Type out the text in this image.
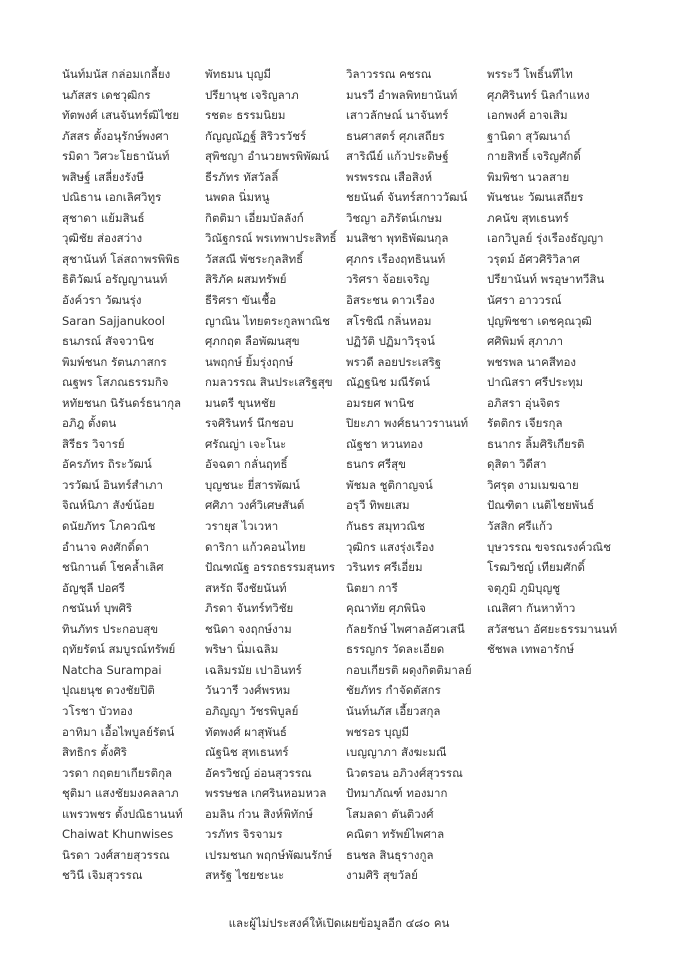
นันท์มนัส กล่อมเกลี้ยง
นภัสสร เดชวุฒิกร
ทัตพงศ์ เสนจันทร์ฒิไชย
ภัสสร ตั้งอนุรักษ์พงศา
รมิดา วิศวะโยธานันท์
พสิษฐ์ เสลี่ยงรังษี
ปณิธาน เอกเลิศวิทูร
สุชาดา แย้มสินธ์
วุฒิชัย ส่องสว่าง
สุชานันท์ โล่สถาพรพิพิธ
ธิติวัฒน์ อรัญญานนท์
อังค์วรา วัฒนรุ่ง
Saran Sajjanukool
ธนภรณ์ สัจจวานิช
พิมพ์ชนก รัตนภาสกร
ณฐพร โสภณธรรมกิจ
หทัยชนก นิรันดร์ธนากุล
อภิฎ ตั้งตน
สิรีธร วิจารย์
อัครภัทร ถิระวัฒน์
วรวัฒน์ อินทร์สำเภา
จิณห์นิภา สังข์น้อย
ดนัยภัทร โภควณิช
อำนาจ คงศักดิ์ดา
ชนิกานต์ โชคล้ำเลิศ
อัญชุลี ปอศรี
กชนันท์ บุพศิริ
ทินภัทร ประกอบสุข
ฤทัยรัตน์ สมบูรณ์ทรัพย์
Natcha Surampai
ปุณยนุช ดวงชัยปิติ
วโรชา บัวทอง
อาทิมา เอื้อไพบูลย์รัตน์
สิทธิกร ตั้งศิริ
วรดา กฤตยาเกียรติกุล
ชุติมา แสงชัยมงคลลาภ
แพรวพชร ตั้งปณิธานนท์
Chaiwat Khunwises
นิรดา วงศ์สายสุวรรณ
ชวินี เจิมสุวรรณ
พัทธมน บุญมี
ปรียานุช เจริญลาภ
รชตะ ธรรมนิยม
กัญญณัฏฐ์ สิริวรวัชร์
สุพิชญา อำนวยพรพิพัฒน์
ธีรภัทร ทัสวัลลิ์
นพดล นิ่มหนู
กิตติมา เอี่ยมบัลลังก์
วิณัฐกรณ์ พรเทพาประสิทธิ์
วัสสณี พัชระกุลสิทธิ์
สิริภัค ผสมทรัพย์
ธีริศรา ขันเชื้อ
ญาณิน ไทยตระกูลพาณิช
ศุภกฤต ลือพัฒนสุข
นพฤกษ์ ยิ้มรุ่งฤกษ์
กมลวรรณ สินประเสริฐสุข
มนตรี ขุนหชัย
รจศิรินทร์ นึกชอบ
ศรัณญ่า เจะโนะ
อัจฉตา กลั่นฤทธิ์
บุญชนะ ยี่สารพัฒน์
ศศิภา วงศ์วิเศษสันต์
วรายุส ไวเวหา
ดาริกา แก้วคอนไทย
ปัณฑณัฐ อรรถธรรมสุนทร
สหรัถ จึงชัยนันท์
ภิรดา จันทร์ทวิชัย
ชนิดา จงฤกษ์งาม
พริษา นิ่มเฉลิม
เฉลิมรมัย เปาอินทร์
วันวารี วงศ์พรหม
อภิญญา วัชรพิบูลย์
ทัตพงศ์ ผาสุพันธ์
ณัฐนิช สุทเธนทร์
อัครวิชญ์ อ่อนสุวรรณ
พรรษชล เกศรินหอมหวล
อมลิน ก๋วน สิงห์พิทักษ์
วรภัทร จิรจามร
เปรมชนก พฤกษ์พัฒนรักษ์
สหรัฐ ไชยชะนะ
วิลาวรรณ คชรณ
มนรวี อำพลพิทยานันท์
เสาวลักษณ์ นาจันทร์
ธนศาสตร์ ศุภเสถียร
สาริณีย์ แก้วประดิษฐ์
พรพรรณ เสือสิงห์
ชยนันต์ จันทร์สกาววัฒน์
วิชญา อภิรัตน์เกษม
มนสิชา พุทธิพัฒนกุล
ศุภกร เรืองฤทธินนท์
วริศรา จ้อยเจริญ
อิสระชน ดาวเรือง
สโรชิณี กลิ่นหอม
ปฏิวัติ ปฏิมาวิรุจน์
พรวดี ลอยประเสริฐ
ณัฏฐนิช มณีรัตน์
อมรยศ พานิช
ปิยะภา พงศ์ธนาวรานนท์
ณัฐชา หวนทอง
ธนกร ศรีสุข
พัชมล ชูติกาญจน์
อรุวี ทิพยเสม
กันธร สมุทวณิช
วุฒิกร แสงรุ่งเรือง
วรินทร ศรีเอี่ยม
นิตยา การี
คุณาทัย ศุภพินิจ
กัลยรักษ์ ไพศาลอัศวเสนี
ธรรญกร วัดละเอียด
กอบเกียรติ ผดุงกิตติมาลย์
ชัยภัทร กำจัดตัสกร
นันท์นภัส เอี้ยวสกุล
พชรอร บุญมี
เบญญาภา สังฆะมณี
นิวตรอน อภิวงศ์สุวรรณ
ปัทมาภัณฑ์ ทองมาก
โสมลดา ตันติวงศ์
คณิตา ทรัพย์ไพศาล
ธนชล สินธุรางกูล
งามศิริ สุขวัลย์
พรระวี โพธิ์นทีไท
ศุภศิรินทร์ นิลกำแหง
เอกพงศ์ อาจเสิม
ฐานิดา สุวัฒนาถ์
กายสิทธิ์ เจริญศักดิ์
พิมพิชา นวลสาย
พันชนะ วัฒนเสถียร
ภคนัข สุทเธนทร์
เอกวิบูลย์ รุ่งเรืองธัญญา
วรุตม์ อัศวศิริวิลาศ
ปรียานันท์ พรอุษาทวีสิน
นัศรา อาววรณ์
ปุญพิชชา เดชคุณวุฒิ
ศศิพิมพ์ สุภาภา
พชรพล นาคสีทอง
ปาณิสรา ศรีประทุม
อภิสรา อุ่นจิตร
รัตติกร เจียรกุล
ธนากร ลิ้มศิริเกียรติ
ดุสิตา วิดีสา
วิศรุต งามเมฆฉาย
ปัณฑิตา เนติไชยพันธ์
วัสสิก ศรีแก้ว
บุษวรรณ ขจรณรงค์วณิช
โรฒวิชญ์ เทียมศักดิ์
จตุภูมิ ภูมิบุญชู
เณสิศา กันหาท้าว
สวัสชนา อัศยะธรรมานนท์
ชัชพล เทพอารักษ์
และผู้ไม่ประสงค์ให้เปิดเผยข้อมูลอีก ๔๘๐ คน
